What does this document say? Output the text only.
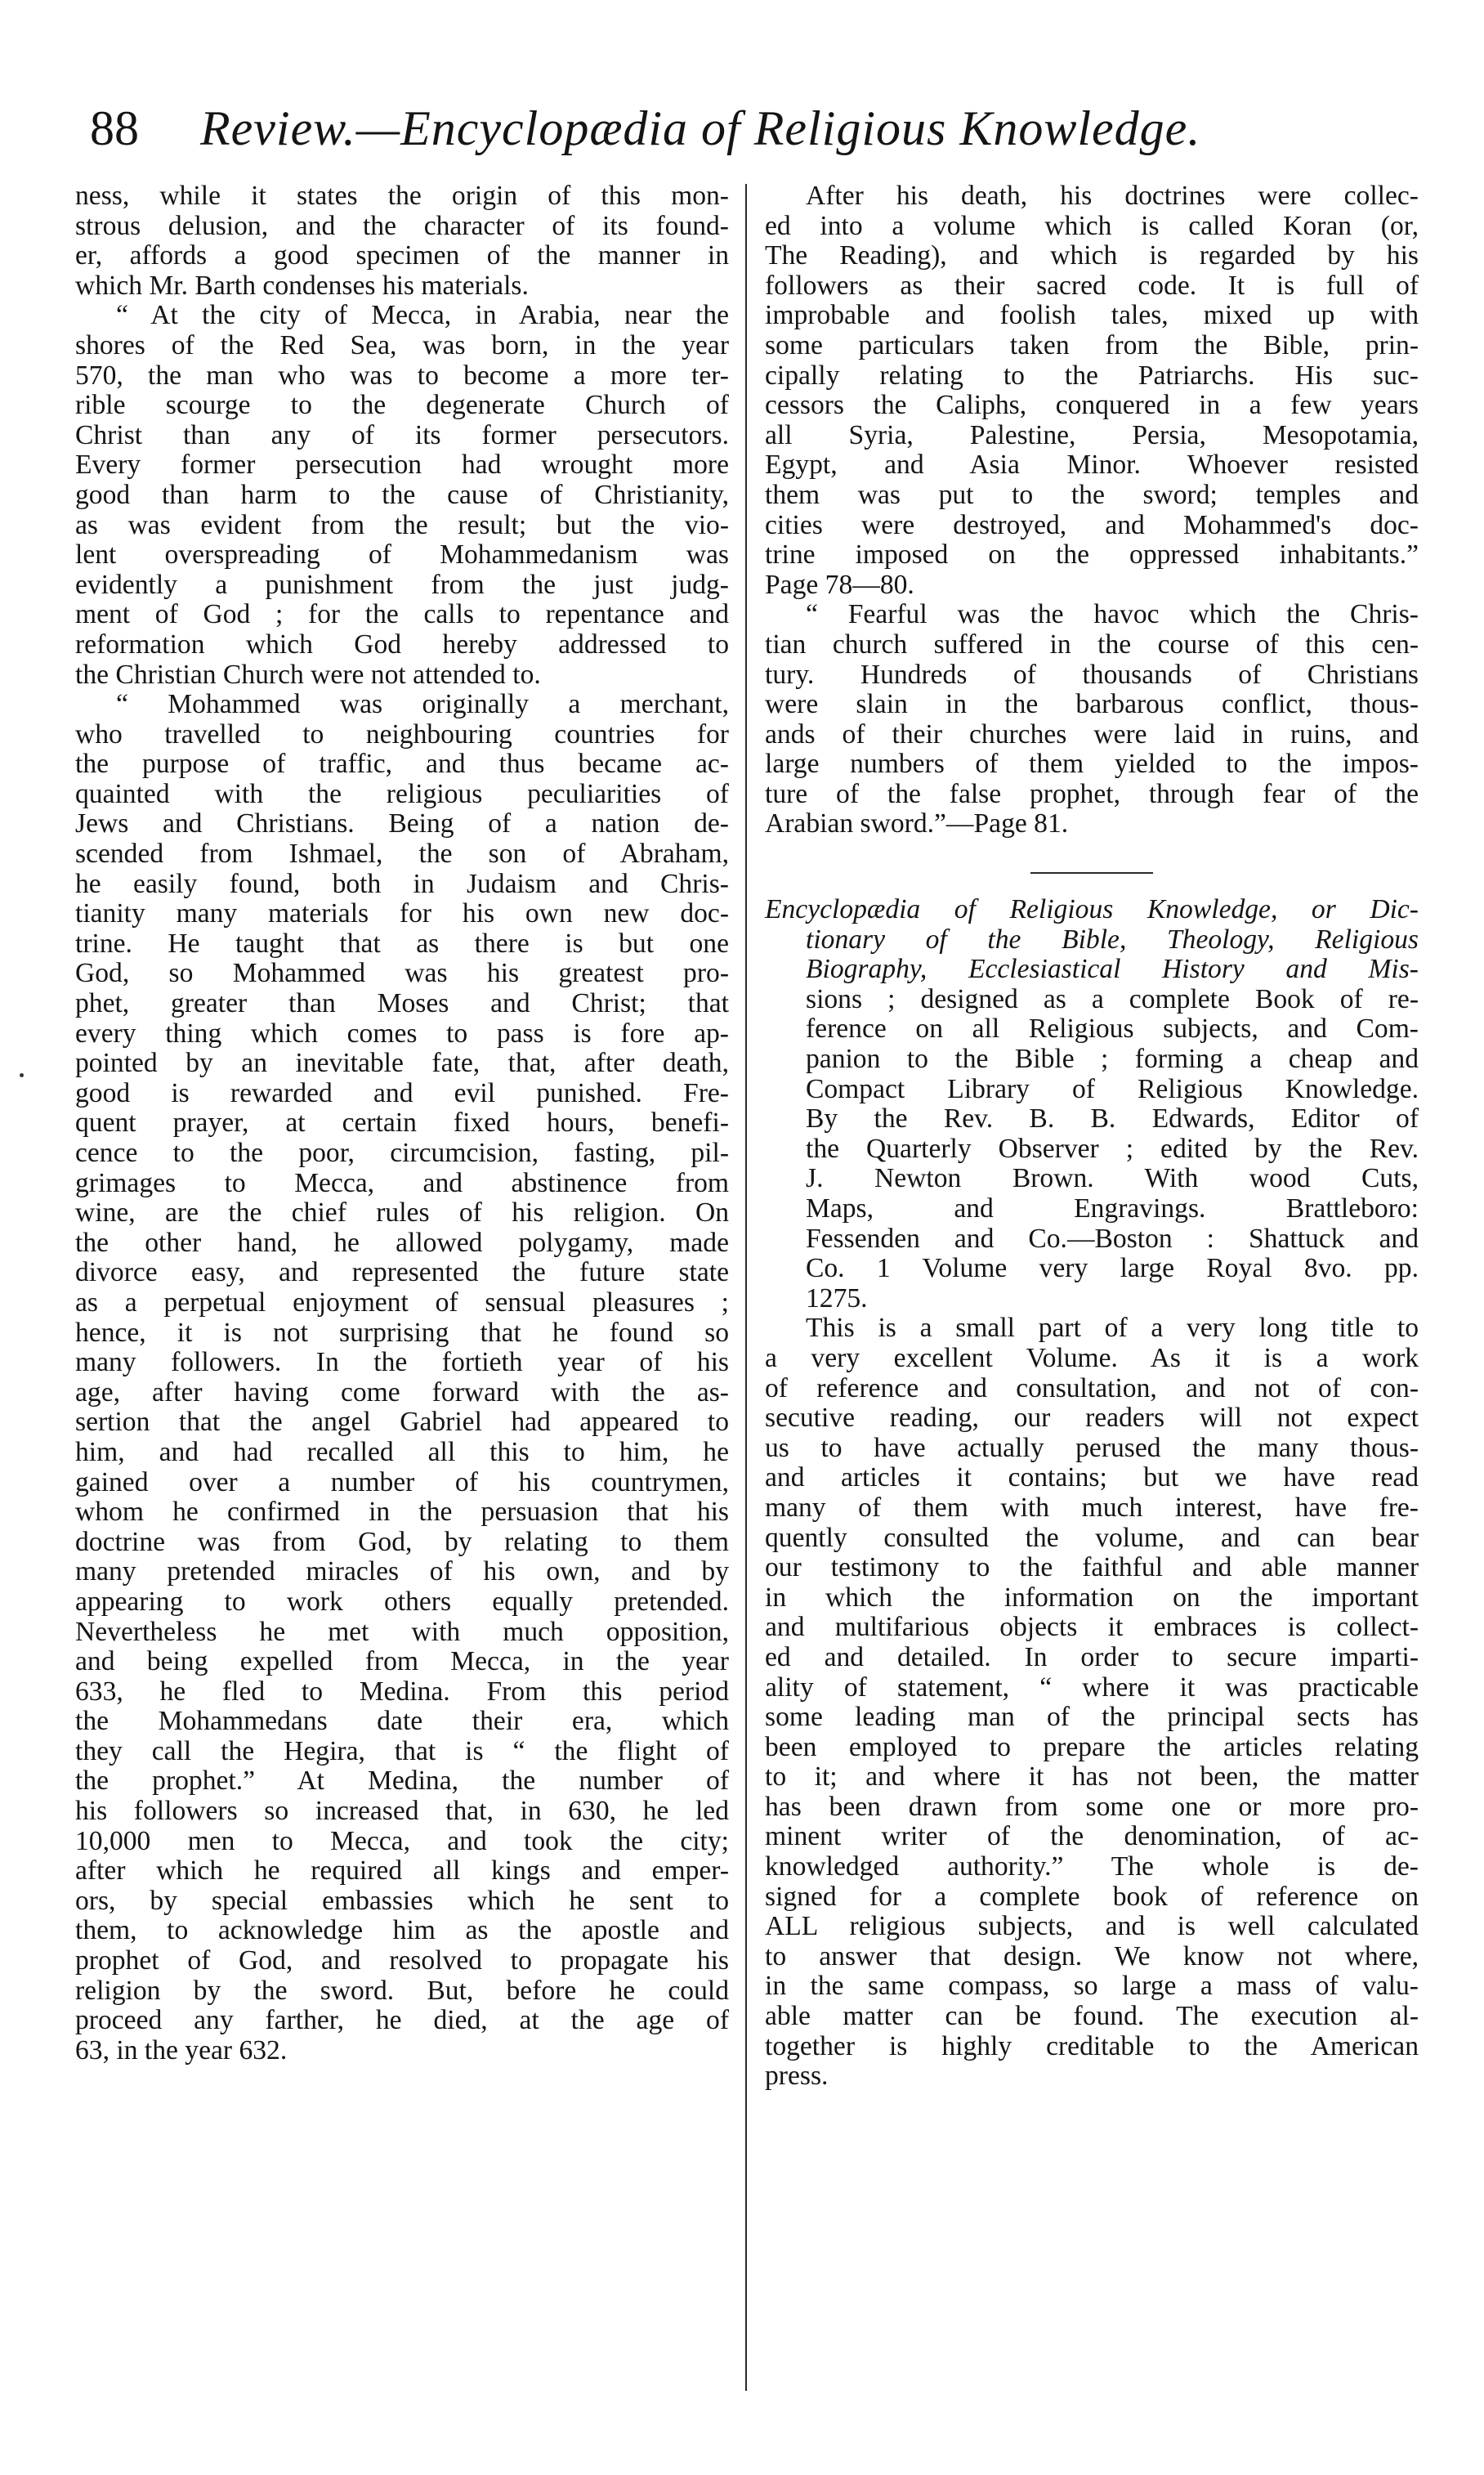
88 Review.—Encyclopædia of Religious Knowledge.
ness, while it states the origin of this mon-
strous delusion, and the character of its found-
er, affords a good specimen of the manner in
which Mr. Barth condenses his materials.
“ At the city of Mecca, in Arabia, near the
shores of the Red Sea, was born, in the year
570, the man who was to become a more ter-
rible scourge to the degenerate Church of
Christ than any of its former persecutors.
Every former persecution had wrought more
good than harm to the cause of Christianity,
as was evident from the result; but the vio-
lent overspreading of Mohammedanism was
evidently a punishment from the just judg-
ment of God ; for the calls to repentance and
reformation which God hereby addressed to
the Christian Church were not attended to.
“ Mohammed was originally a merchant,
who travelled to neighbouring countries for
the purpose of traffic, and thus became ac-
quainted with the religious peculiarities of
Jews and Christians. Being of a nation de-
scended from Ishmael, the son of Abraham,
he easily found, both in Judaism and Chris-
tianity many materials for his own new doc-
trine. He taught that as there is but one
God, so Mohammed was his greatest pro-
phet, greater than Moses and Christ; that
every thing which comes to pass is fore ap-
pointed by an inevitable fate, that, after death,
good is rewarded and evil punished. Fre-
quent prayer, at certain fixed hours, benefi-
cence to the poor, circumcision, fasting, pil-
grimages to Mecca, and abstinence from
wine, are the chief rules of his religion. On
the other hand, he allowed polygamy, made
divorce easy, and represented the future state
as a perpetual enjoyment of sensual pleasures ;
hence, it is not surprising that he found so
many followers. In the fortieth year of his
age, after having come forward with the as-
sertion that the angel Gabriel had appeared to
him, and had recalled all this to him, he
gained over a number of his countrymen,
whom he confirmed in the persuasion that his
doctrine was from God, by relating to them
many pretended miracles of his own, and by
appearing to work others equally pretended.
Nevertheless he met with much opposition,
and being expelled from Mecca, in the year
633, he fled to Medina. From this period
the Mohammedans date their era, which
they call the Hegira, that is “ the flight of
the prophet.” At Medina, the number of
his followers so increased that, in 630, he led
10,000 men to Mecca, and took the city;
after which he required all kings and emper-
ors, by special embassies which he sent to
them, to acknowledge him as the apostle and
prophet of God, and resolved to propagate his
religion by the sword. But, before he could
proceed any farther, he died, at the age of
63, in the year 632.
After his death, his doctrines were collec-
ed into a volume which is called Koran (or,
The Reading), and which is regarded by his
followers as their sacred code. It is full of
improbable and foolish tales, mixed up with
some particulars taken from the Bible, prin-
cipally relating to the Patriarchs. His suc-
cessors the Caliphs, conquered in a few years
all Syria, Palestine, Persia, Mesopotamia,
Egypt, and Asia Minor. Whoever resisted
them was put to the sword; temples and
cities were destroyed, and Mohammed's doc-
trine imposed on the oppressed inhabitants.”
Page 78—80.
“ Fearful was the havoc which the Chris-
tian church suffered in the course of this cen-
tury. Hundreds of thousands of Christians
were slain in the barbarous conflict, thous-
ands of their churches were laid in ruins, and
large numbers of them yielded to the impos-
ture of the false prophet, through fear of the
Arabian sword.”—Page 81.
Encyclopædia of Religious Knowledge, or Dic-
tionary of the Bible, Theology, Religious
Biography, Ecclesiastical History and Mis-
sions ; designed as a complete Book of re-
ference on all Religious subjects, and Com-
panion to the Bible ; forming a cheap and
Compact Library of Religious Knowledge.
By the Rev. B. B. Edwards, Editor of
the Quarterly Observer ; edited by the Rev.
J. Newton Brown. With wood Cuts,
Maps, and Engravings. Brattleboro:
Fessenden and Co.—Boston : Shattuck and
Co. 1 Volume very large Royal 8vo. pp.
1275.
This is a small part of a very long title to
a very excellent Volume. As it is a work
of reference and consultation, and not of con-
secutive reading, our readers will not expect
us to have actually perused the many thous-
and articles it contains; but we have read
many of them with much interest, have fre-
quently consulted the volume, and can bear
our testimony to the faithful and able manner
in which the information on the important
and multifarious objects it embraces is collect-
ed and detailed. In order to secure imparti-
ality of statement, “ where it was practicable
some leading man of the principal sects has
been employed to prepare the articles relating
to it; and where it has not been, the matter
has been drawn from some one or more pro-
minent writer of the denomination, of ac-
knowledged authority.” The whole is de-
signed for a complete book of reference on
ALL religious subjects, and is well calculated
to answer that design. We know not where,
in the same compass, so large a mass of valu-
able matter can be found. The execution al-
together is highly creditable to the American
press.
